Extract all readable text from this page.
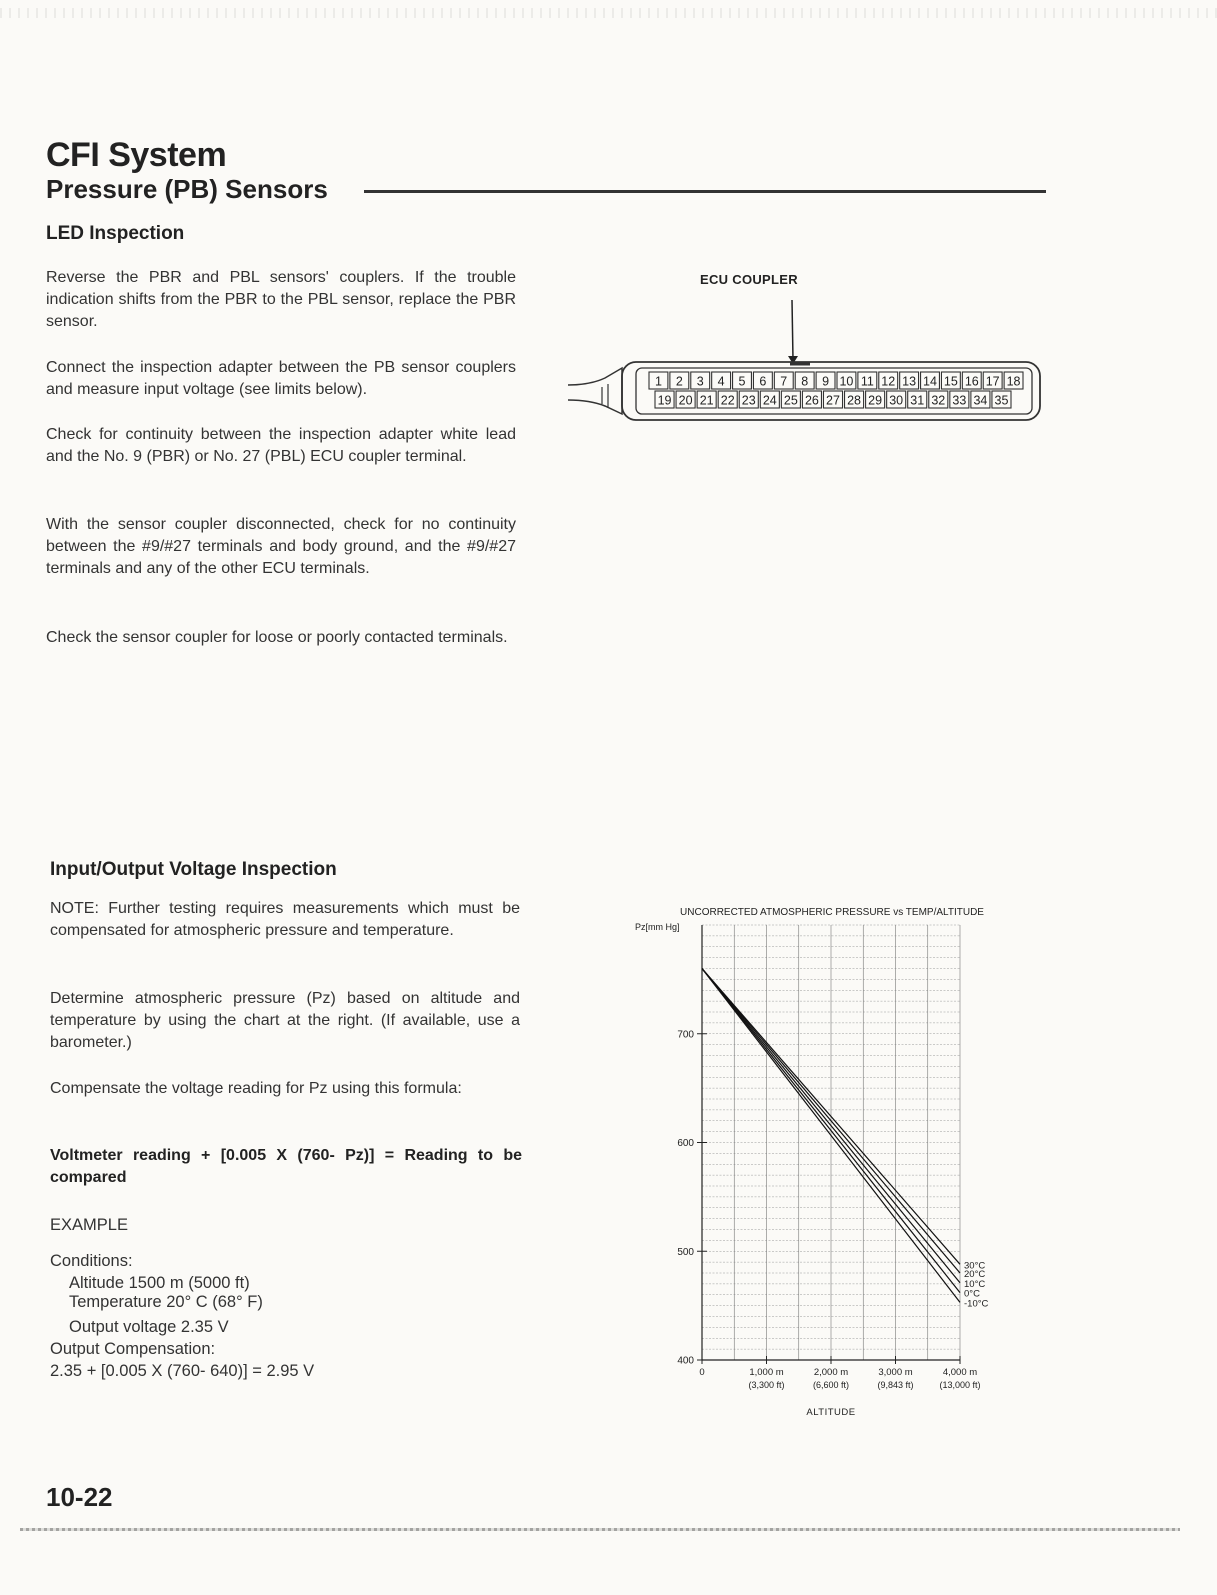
CFI System
Pressure (PB) Sensors
LED Inspection
Reverse the PBR and PBL sensors' couplers. If the trouble indication shifts from the PBR to the PBL sensor, replace the PBR sensor.
Connect the inspection adapter between the PB sensor couplers and measure input voltage (see limits below).
Check for continuity between the inspection adapter white lead and the No. 9 (PBR) or No. 27 (PBL) ECU coupler terminal.
With the sensor coupler disconnected, check for no continuity between the #9/#27 terminals and body ground, and the #9/#27 terminals and any of the other ECU terminals.
Check the sensor coupler for loose or poorly contacted terminals.
ECU COUPLER
1 2 3 4 5 6 7 8 9 10 11 12 13 14 15 16 17 18
19 20 21 22 23 24 25 26 27 28 29 30 31 32 33 34 35
Input/Output Voltage Inspection
NOTE: Further testing requires measurements which must be compensated for atmospheric pressure and temperature.
Determine atmospheric pressure (Pz) based on altitude and temperature by using the chart at the right. (If available, use a barometer.)
Compensate the voltage reading for Pz using this formula:
Voltmeter reading + [0.005 X (760- Pz)] = Reading to be compared
EXAMPLE
Conditions:
Altitude 1500 m (5000 ft)
Temperature 20° C (68° F)
Output voltage 2.35 V
Output Compensation:
2.35 + [0.005 X (760- 640)] = 2.95 V
UNCORRECTED ATMOSPHERIC PRESSURE vs TEMP/ALTITUDE
Pz[mm Hg]
700
600
500
400
0	1,000 m
(3,300 ft)
2,000 m
(6,600 ft)
3,000 m
(9,843 ft)
4,000 m
(13,000 ft)
ALTITUDE
30°C
20°C
10°C
0°C
-10°C
10-22
